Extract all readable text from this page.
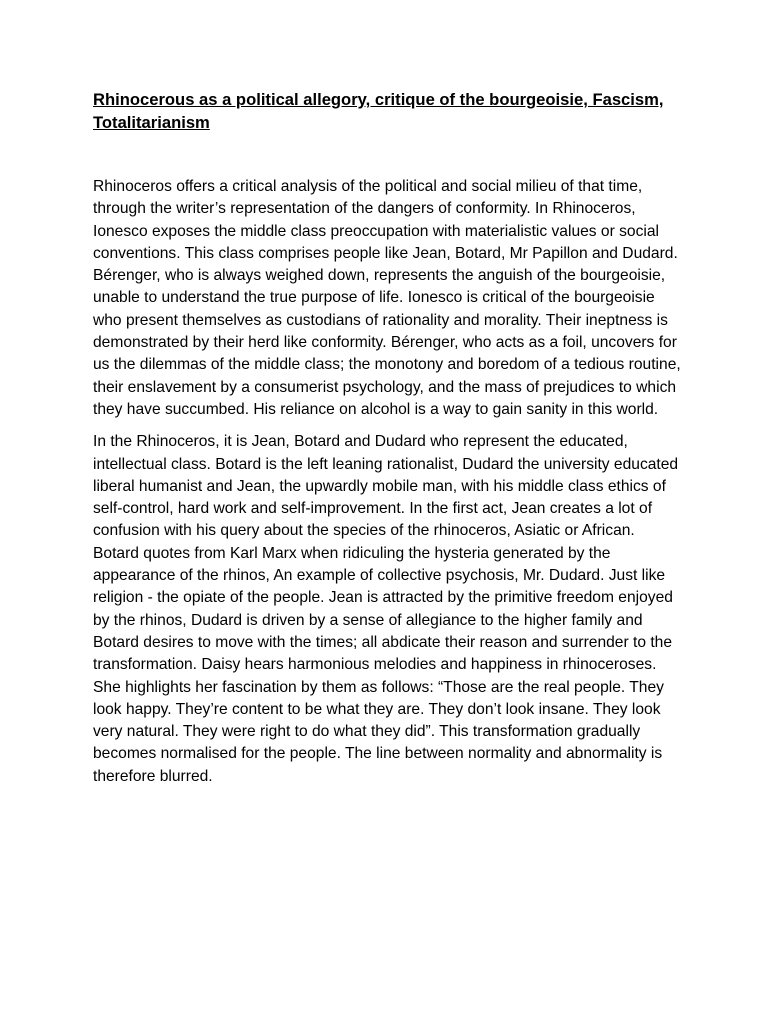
Rhinocerous as a political allegory, critique of the bourgeoisie, Fascism, Totalitarianism

Rhinoceros offers a critical analysis of the political and social milieu of that time, through the writer’s representation of the dangers of conformity. In Rhinoceros, Ionesco exposes the middle class preoccupation with materialistic values or social conventions. This class comprises people like Jean, Botard, Mr Papillon and Dudard. Bérenger, who is always weighed down, represents the anguish of the bourgeoisie, unable to understand the true purpose of life. Ionesco is critical of the bourgeoisie who present themselves as custodians of rationality and morality. Their ineptness is demonstrated by their herd like conformity. Bérenger, who acts as a foil, uncovers for us the dilemmas of the middle class; the monotony and boredom of a tedious routine, their enslavement by a consumerist psychology, and the mass of prejudices to which they have succumbed. His reliance on alcohol is a way to gain sanity in this world.

In the Rhinoceros, it is Jean, Botard and Dudard who represent the educated, intellectual class. Botard is the left leaning rationalist, Dudard the university educated liberal humanist and Jean, the upwardly mobile man, with his middle class ethics of self-control, hard work and self-improvement. In the first act, Jean creates a lot of confusion with his query about the species of the rhinoceros, Asiatic or African. Botard quotes from Karl Marx when ridiculing the hysteria generated by the appearance of the rhinos, An example of collective psychosis, Mr. Dudard. Just like religion - the opiate of the people. Jean is attracted by the primitive freedom enjoyed by the rhinos, Dudard is driven by a sense of allegiance to the higher family and Botard desires to move with the times; all abdicate their reason and surrender to the transformation. Daisy hears harmonious melodies and happiness in rhinoceroses. She highlights her fascination by them as follows: “Those are the real people. They look happy. They’re content to be what they are. They don’t look insane. They look very natural. They were right to do what they did”. This transformation gradually becomes normalised for the people. The line between normality and abnormality is therefore blurred.
